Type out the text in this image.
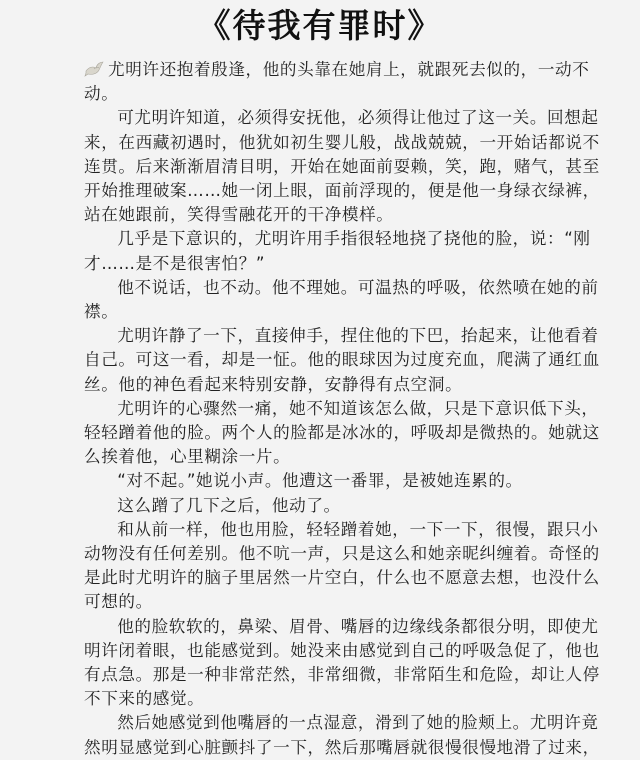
《待我有罪时》

尤明许还抱着殷逢，他的头靠在她肩上，就跟死去似的，一动不动。

可尤明许知道，必须得安抚他，必须得让他过了这一关。回想起来，在西藏初遇时，他犹如初生婴儿般，战战兢兢，一开始话都说不连贯。后来渐渐眉清目明，开始在她面前耍赖，笑，跑，赌气，甚至开始推理破案……她一闭上眼，面前浮现的，便是他一身绿衣绿裤，站在她跟前，笑得雪融花开的干净模样。

几乎是下意识的，尤明许用手指很轻地挠了挠他的脸，说：“刚才……是不是很害怕？”

他不说话，也不动。他不理她。可温热的呼吸，依然喷在她的前襟。

尤明许静了一下，直接伸手，捏住他的下巴，抬起来，让他看着自己。可这一看，却是一怔。他的眼球因为过度充血，爬满了通红血丝。他的神色看起来特别安静，安静得有点空洞。

尤明许的心骤然一痛，她不知道该怎么做，只是下意识低下头，轻轻蹭着他的脸。两个人的脸都是冰冰的，呼吸却是微热的。她就这么挨着他，心里糊涂一片。

“对不起。”她说小声。他遭这一番罪，是被她连累的。

这么蹭了几下之后，他动了。

和从前一样，他也用脸，轻轻蹭着她，一下一下，很慢，跟只小动物没有任何差别。他不吭一声，只是这么和她亲昵纠缠着。奇怪的是此时尤明许的脑子里居然一片空白，什么也不愿意去想，也没什么可想的。

他的脸软软的，鼻梁、眉骨、嘴唇的边缘线条都很分明，即使尤明许闭着眼，也能感觉到。她没来由感觉到自己的呼吸急促了，他也有点急。那是一种非常茫然，非常细微，非常陌生和危险，却让人停不下来的感觉。

然后她感觉到他嘴唇的一点湿意，滑到了她的脸颊上。尤明许竟然明显感觉到心脏颤抖了一下，然后那嘴唇就很慢很慢地滑了过来，
